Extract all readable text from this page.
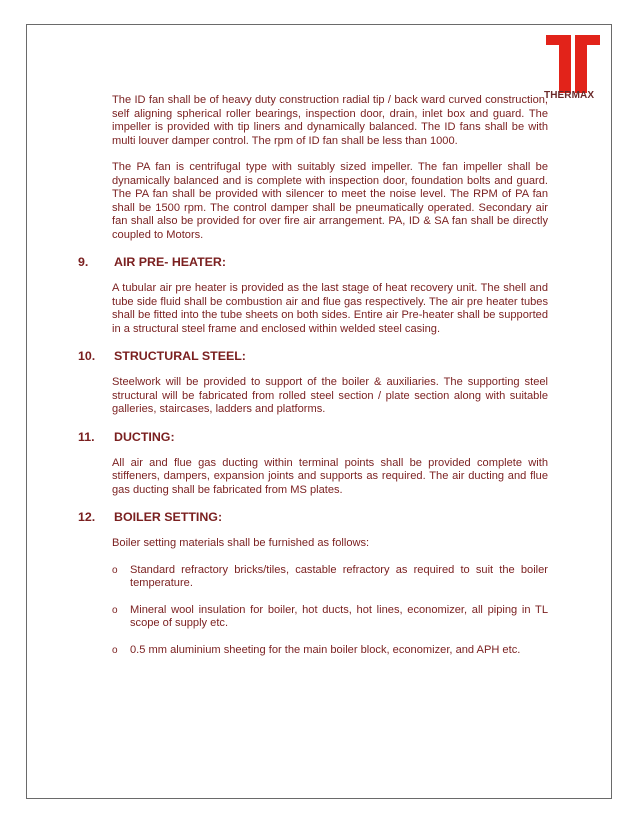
THERMAX

The ID fan shall be of heavy duty construction radial tip / back ward curved construction, self aligning spherical roller bearings, inspection door, drain, inlet box and guard. The impeller is provided with tip liners and dynamically balanced. The ID fans shall be with multi louver damper control. The rpm of ID fan shall be less than 1000.

The PA fan is centrifugal type with suitably sized impeller. The fan impeller shall be dynamically balanced and is complete with inspection door, foundation bolts and guard. The PA fan shall be provided with silencer to meet the noise level. The RPM of PA fan shall be 1500 rpm. The control damper shall be pneumatically operated. Secondary air fan shall also be provided for over fire air arrangement. PA, ID & SA fan shall be directly coupled to Motors.

9.	AIR PRE- HEATER:

A tubular air pre heater is provided as the last stage of heat recovery unit. The shell and tube side fluid shall be combustion air and flue gas respectively. The air pre heater tubes shall be fitted into the tube sheets on both sides. Entire air Pre-heater shall be supported in a structural steel frame and enclosed within welded steel casing.

10.	STRUCTURAL STEEL:

Steelwork will be provided to support of the boiler & auxiliaries. The supporting steel structural will be fabricated from rolled steel section / plate section along with suitable galleries, staircases, ladders and platforms.

11.	DUCTING:

All air and flue gas ducting within terminal points shall be provided complete with stiffeners, dampers, expansion joints and supports as required. The air ducting and flue gas ducting shall be fabricated from MS plates.

12.	BOILER SETTING:

Boiler setting materials shall be furnished as follows:

o	Standard refractory bricks/tiles, castable refractory as required to suit the boiler temperature.

o	Mineral wool insulation for boiler, hot ducts, hot lines, economizer, all piping in TL scope of supply etc.

o	0.5 mm aluminium sheeting for the main boiler block, economizer, and APH etc.
